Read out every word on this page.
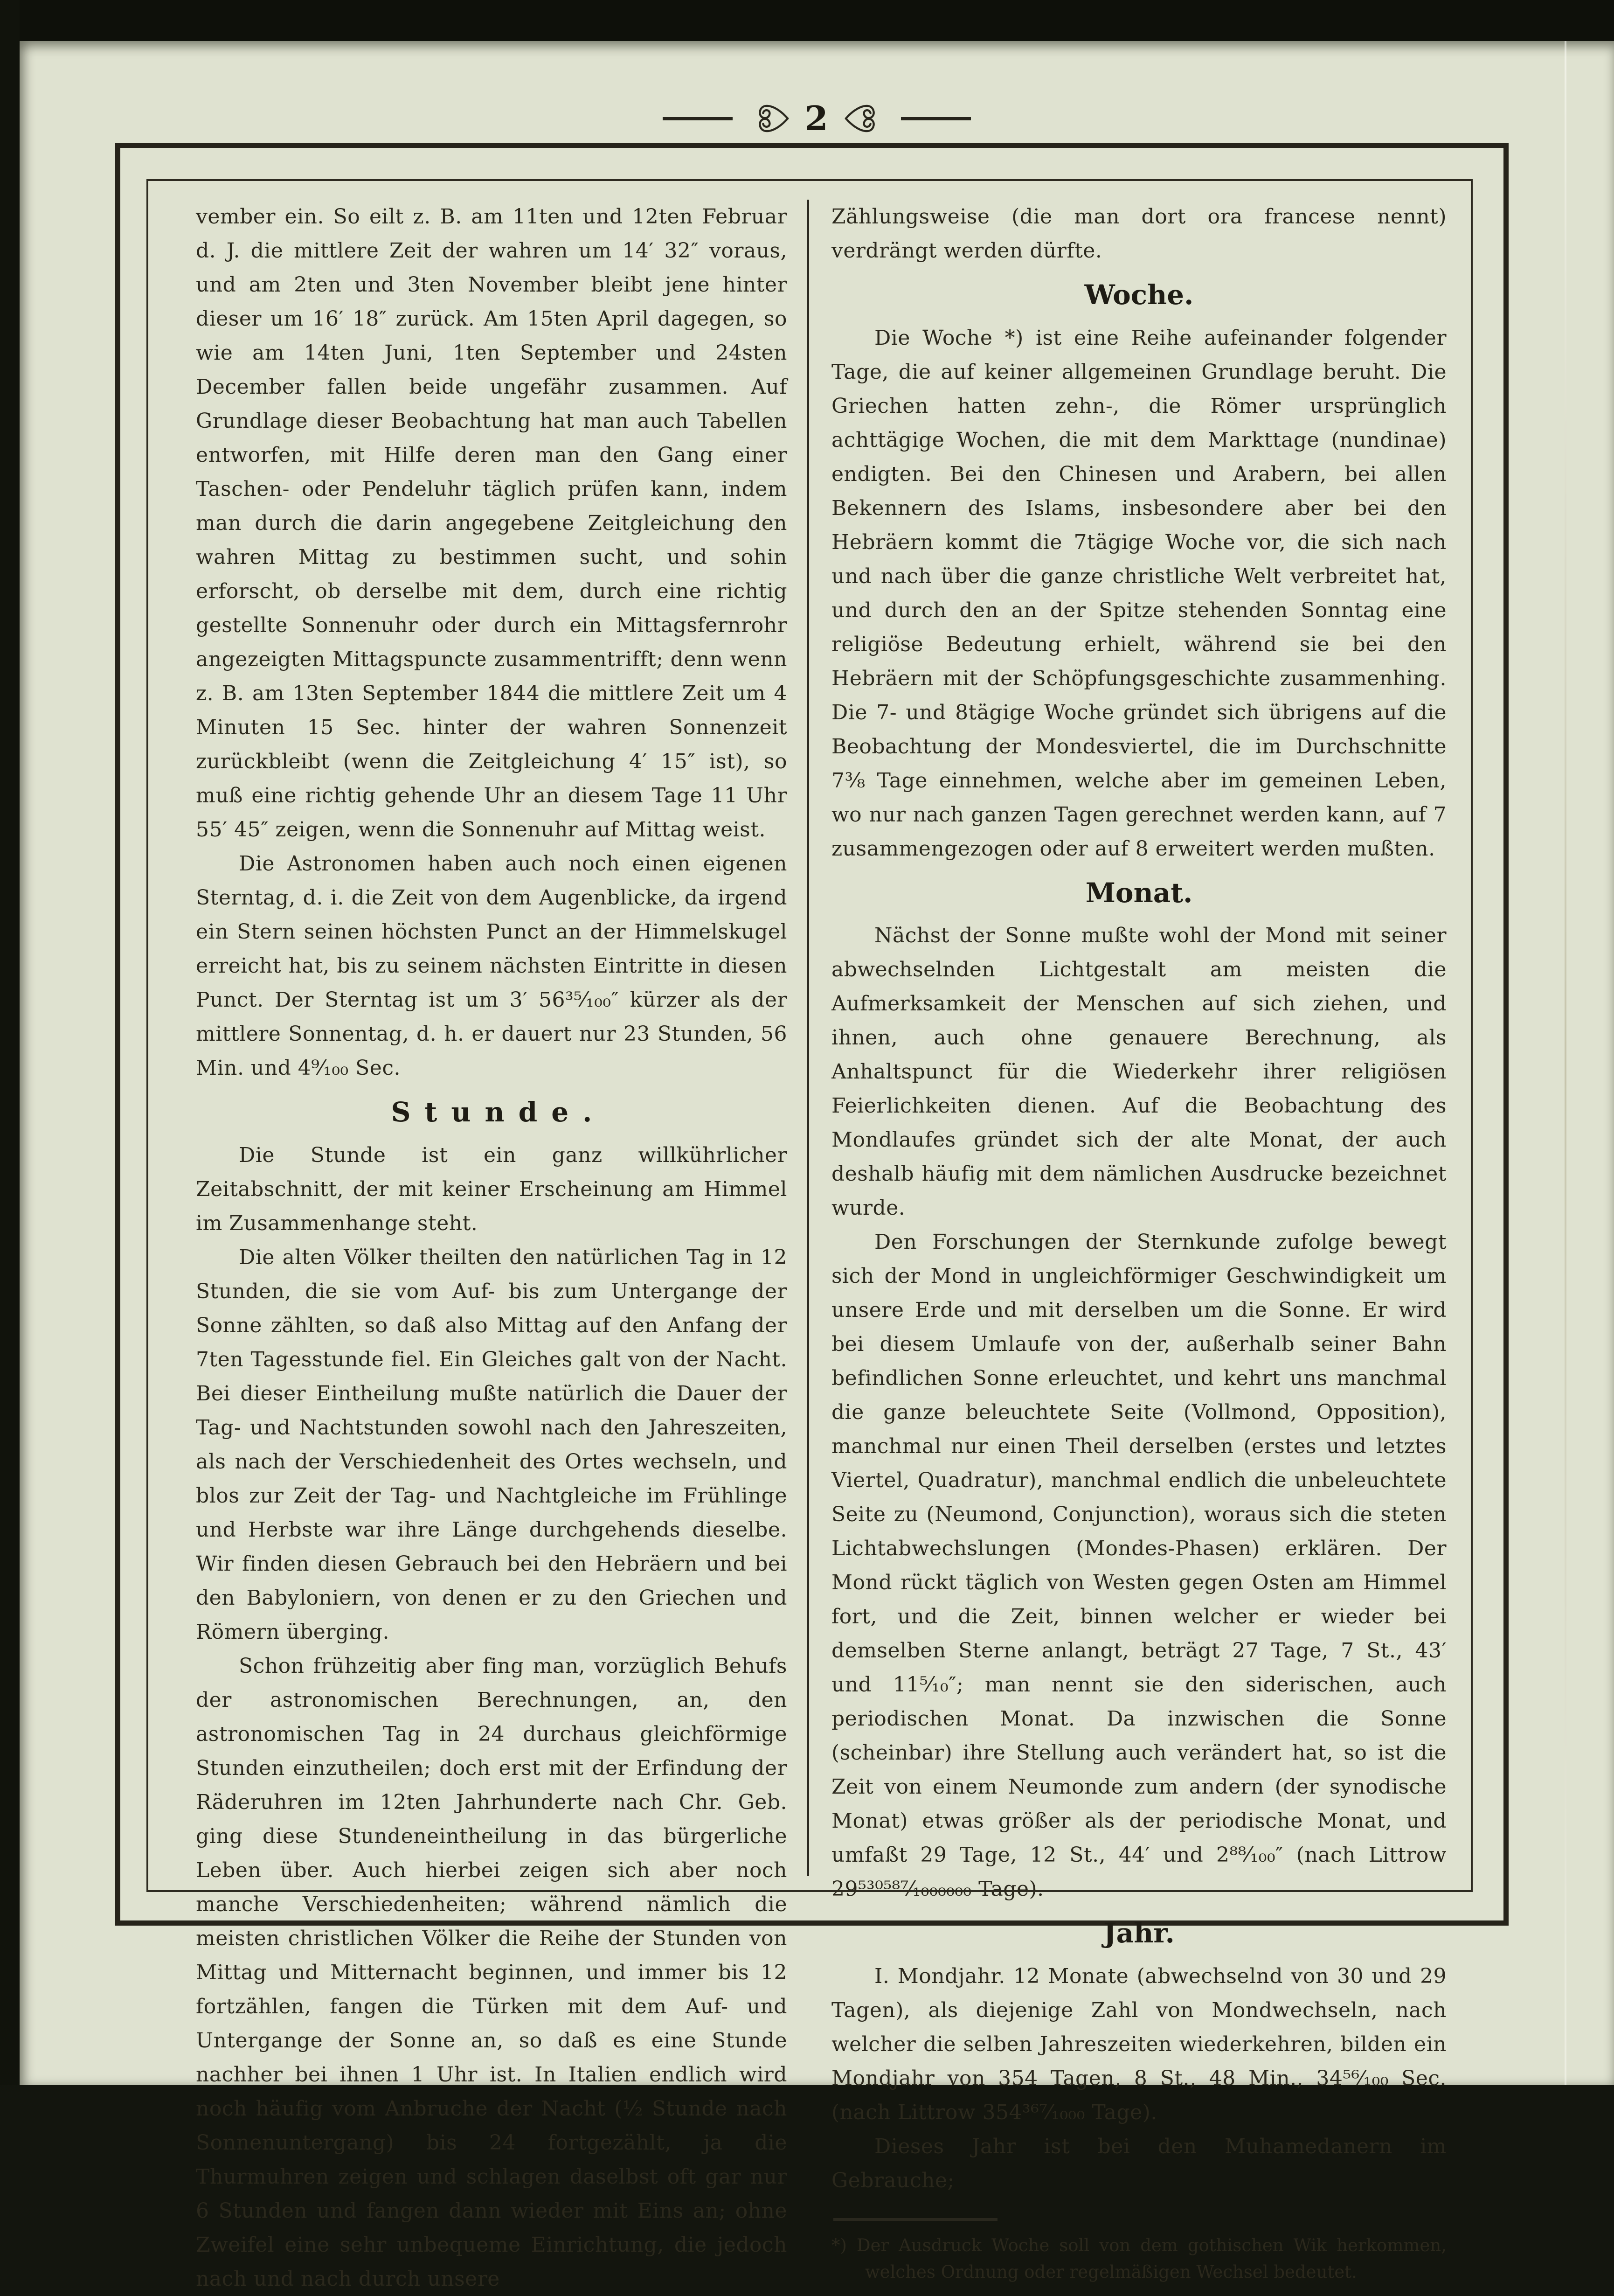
2

vember ein. So eilt z. B. am 11ten und 12ten Februar d. J. die mittlere Zeit der wahren um 14′ 32″ voraus, und am 2ten und 3ten November bleibt jene hinter dieser um 16′ 18″ zurück. Am 15ten April dagegen, so wie am 14ten Juni, 1ten September und 24sten December fallen beide ungefähr zusammen. Auf Grundlage dieser Beobachtung hat man auch Tabellen entworfen, mit Hilfe deren man den Gang einer Taschen- oder Pendeluhr täglich prüfen kann, indem man durch die darin angegebene Zeitgleichung den wahren Mittag zu bestimmen sucht, und sohin erforscht, ob derselbe mit dem, durch eine richtig gestellte Sonnenuhr oder durch ein Mittagsfernrohr angezeigten Mittagspuncte zusammentrifft; denn wenn z. B. am 13ten September 1844 die mittlere Zeit um 4 Minuten 15 Sec. hinter der wahren Sonnenzeit zurückbleibt (wenn die Zeitgleichung 4′ 15″ ist), so muß eine richtig gehende Uhr an diesem Tage 11 Uhr 55′ 45″ zeigen, wenn die Sonnenuhr auf Mittag weist.

Die Astronomen haben auch noch einen eigenen Sterntag, d. i. die Zeit von dem Augenblicke, da irgend ein Stern seinen höchsten Punct an der Himmelskugel erreicht hat, bis zu seinem nächsten Eintritte in diesen Punct. Der Sterntag ist um 3′ 56³⁵⁄₁₀₀″ kürzer als der mittlere Sonnentag, d. h. er dauert nur 23 Stunden, 56 Min. und 4⁹⁄₁₀₀ Sec.

Stunde.

Die Stunde ist ein ganz willkührlicher Zeitabschnitt, der mit keiner Erscheinung am Himmel im Zusammenhange steht.

Die alten Völker theilten den natürlichen Tag in 12 Stunden, die sie vom Auf- bis zum Untergange der Sonne zählten, so daß also Mittag auf den Anfang der 7ten Tagesstunde fiel. Ein Gleiches galt von der Nacht. Bei dieser Eintheilung mußte natürlich die Dauer der Tag- und Nachtstunden sowohl nach den Jahreszeiten, als nach der Verschiedenheit des Ortes wechseln, und blos zur Zeit der Tag- und Nachtgleiche im Frühlinge und Herbste war ihre Länge durchgehends dieselbe. Wir finden diesen Gebrauch bei den Hebräern und bei den Babyloniern, von denen er zu den Griechen und Römern überging.

Schon frühzeitig aber fing man, vorzüglich Behufs der astronomischen Berechnungen, an, den astronomischen Tag in 24 durchaus gleichförmige Stunden einzutheilen; doch erst mit der Erfindung der Räderuhren im 12ten Jahrhunderte nach Chr. Geb. ging diese Stundeneintheilung in das bürgerliche Leben über. Auch hierbei zeigen sich aber noch manche Verschiedenheiten; während nämlich die meisten christlichen Völker die Reihe der Stunden von Mittag und Mitternacht beginnen, und immer bis 12 fortzählen, fangen die Türken mit dem Auf- und Untergange der Sonne an, so daß es eine Stunde nachher bei ihnen 1 Uhr ist. In Italien endlich wird noch häufig vom Anbruche der Nacht (¹⁄₂ Stunde nach Sonnenuntergang) bis 24 fortgezählt, ja die Thurmuhren zeigen und schlagen daselbst oft gar nur 6 Stunden und fangen dann wieder mit Eins an; ohne Zweifel eine sehr unbequeme Einrichtung, die jedoch nach und nach durch unsere

Zählungsweise (die man dort ora francese nennt) verdrängt werden dürfte.

Woche.

Die Woche *) ist eine Reihe aufeinander folgender Tage, die auf keiner allgemeinen Grundlage beruht. Die Griechen hatten zehn-, die Römer ursprünglich achttägige Wochen, die mit dem Markttage (nundinae) endigten. Bei den Chinesen und Arabern, bei allen Bekennern des Islams, insbesondere aber bei den Hebräern kommt die 7tägige Woche vor, die sich nach und nach über die ganze christliche Welt verbreitet hat, und durch den an der Spitze stehenden Sonntag eine religiöse Bedeutung erhielt, während sie bei den Hebräern mit der Schöpfungsgeschichte zusammenhing. Die 7- und 8tägige Woche gründet sich übrigens auf die Beobachtung der Mondesviertel, die im Durchschnitte 7³⁄₈ Tage einnehmen, welche aber im gemeinen Leben, wo nur nach ganzen Tagen gerechnet werden kann, auf 7 zusammengezogen oder auf 8 erweitert werden mußten.

Monat.

Nächst der Sonne mußte wohl der Mond mit seiner abwechselnden Lichtgestalt am meisten die Aufmerksamkeit der Menschen auf sich ziehen, und ihnen, auch ohne genauere Berechnung, als Anhaltspunct für die Wiederkehr ihrer religiösen Feierlichkeiten dienen. Auf die Beobachtung des Mondlaufes gründet sich der alte Monat, der auch deshalb häufig mit dem nämlichen Ausdrucke bezeichnet wurde.

Den Forschungen der Sternkunde zufolge bewegt sich der Mond in ungleichförmiger Geschwindigkeit um unsere Erde und mit derselben um die Sonne. Er wird bei diesem Umlaufe von der, außerhalb seiner Bahn befindlichen Sonne erleuchtet, und kehrt uns manchmal die ganze beleuchtete Seite (Vollmond, Opposition), manchmal nur einen Theil derselben (erstes und letztes Viertel, Quadratur), manchmal endlich die unbeleuchtete Seite zu (Neumond, Conjunction), woraus sich die steten Lichtabwechslungen (Mondes-Phasen) erklären. Der Mond rückt täglich von Westen gegen Osten am Himmel fort, und die Zeit, binnen welcher er wieder bei demselben Sterne anlangt, beträgt 27 Tage, 7 St., 43′ und 11⁵⁄₁₀″; man nennt sie den siderischen, auch periodischen Monat. Da inzwischen die Sonne (scheinbar) ihre Stellung auch verändert hat, so ist die Zeit von einem Neumonde zum andern (der synodische Monat) etwas größer als der periodische Monat, und umfaßt 29 Tage, 12 St., 44′ und 2⁸⁸⁄₁₀₀″ (nach Littrow 29⁵³⁰⁵⁸⁷⁄₁₀₀₀₀₀₀ Tage).

Jahr.

I. Mondjahr. 12 Monate (abwechselnd von 30 und 29 Tagen), als diejenige Zahl von Mondwechseln, nach welcher die selben Jahreszeiten wiederkehren, bilden ein Mondjahr von 354 Tagen, 8 St., 48 Min., 34⁵⁶⁄₁₀₀ Sec. (nach Littrow 354³⁶⁷⁄₁₀₀₀ Tage).

Dieses Jahr ist bei den Muhamedanern im Gebrauche;

*) Der Ausdruck Woche soll von dem gothischen Wik herkommen, welches Ordnung oder regelmäßigen Wechsel bedeutet.
